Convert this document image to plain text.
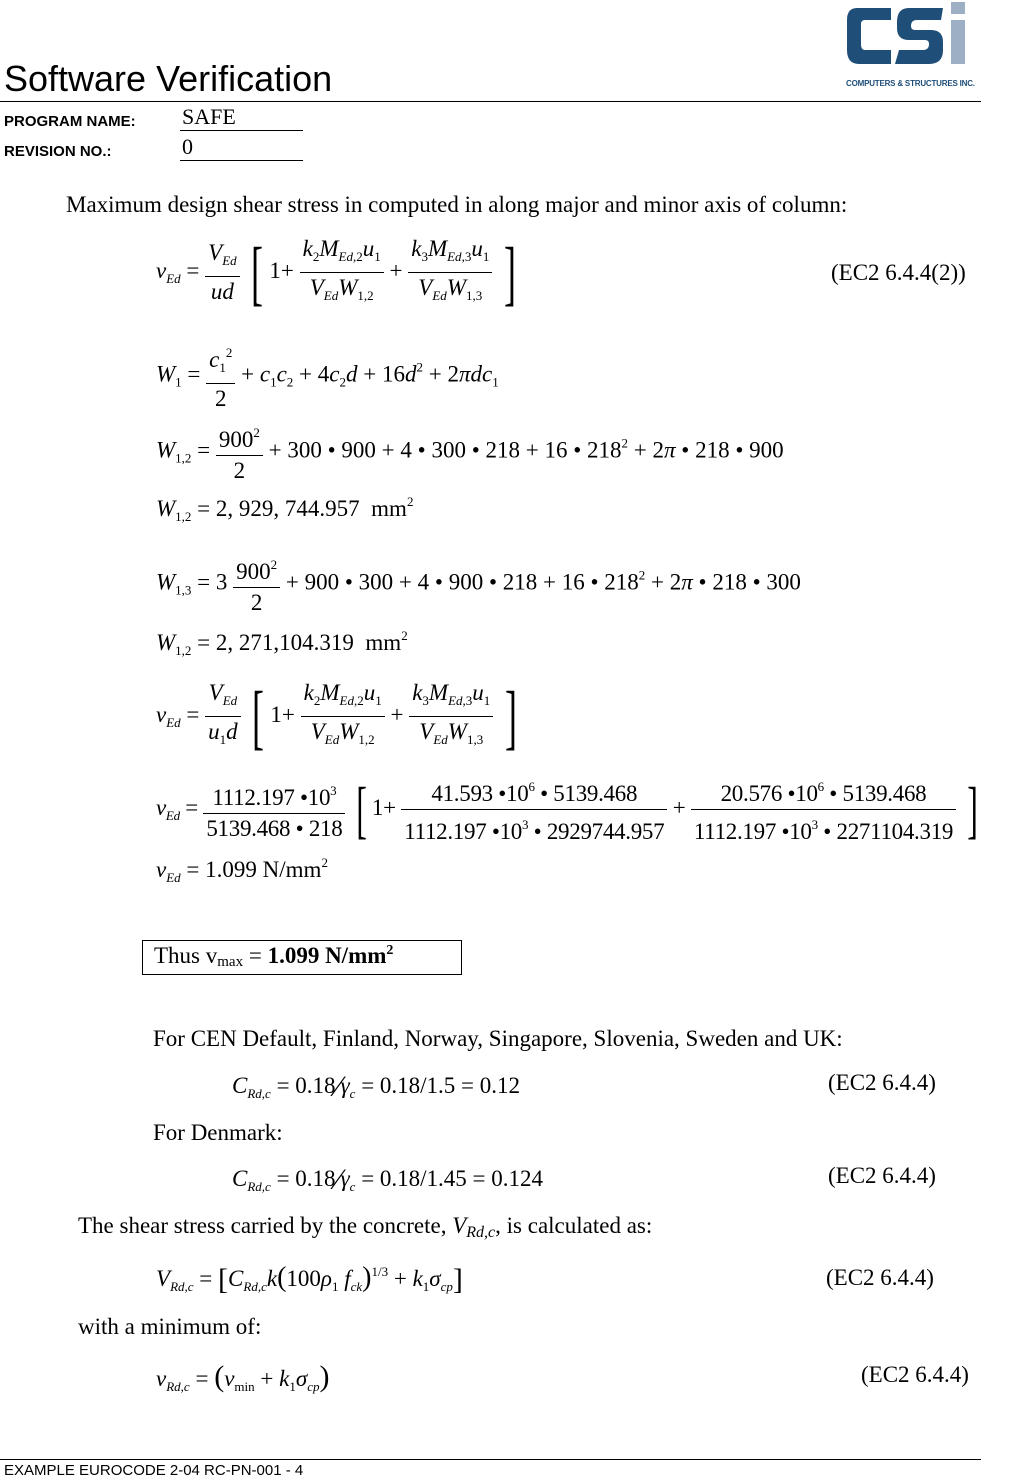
Software Verification	COMPUTERS & STRUCTURES INC.
PROGRAM NAME: SAFE
REVISION NO.:	0
Maximum design shear stress in computed in along major and minor axis of column:
$v_{Ed} = \frac{V_{Ed}}{ud}$ [ $1+ \frac{k_2M_{Ed,2}u_1}{V_{Ed}W_{1,2}} + \frac{k_3M_{Ed,3}u_1}{V_{Ed}W_{1,3}}$ ]	(EC2 6.4.4(2))
$W_1 = \frac{c_1^2}{2} + c_1c_2 + 4c_2d + 16d^2 + 2\pi dc_1$
$W_{1,2} = \frac{900^2}{2} + 300$ • 900 + 4 • 300 • 218 + 16 • $218^2 + 2\pi$ • 218 • 900
$W_{1,2} = 2$, 929, 744.957  $mm^2$
$W_{1,3} = 3 \frac{900^2}{2} + 900$ • 300 + 4 • 900 • 218 + 16 • $218^2 + 2\pi$ • 218 • 300
$W_{1,2} = 2$, 271,104.319  $mm^2$
$v_{Ed} = \frac{V_{Ed}}{u_1d}$ [ $1+ \frac{k_2M_{Ed,2}u_1}{V_{Ed}W_{1,2}} + \frac{k_3M_{Ed,3}u_1}{V_{Ed}W_{1,3}}$ ]
$v_{Ed} = \frac{1112.197 •10^3}{5139.468 • 218}$ [ $1+ \frac{41.593 •10^6 • 5139.468}{1112.197 •10^3 • 2929744.957} + \frac{20.576 •10^6 • 5139.468}{1112.197 •10^3 • 2271104.319}$ ]
$v_{Ed} = 1.099$ $N/mm^2$
Thus vmax = 1.099 $N/mm^2$
For CEN Default, Finland, Norway, Singapore, Slovenia, Sweden and UK:
$C_{Rd,c}$ = $0.18⁄\gamma_c = 0.18/1.5 = 0.12$	(EC2 6.4.4)
For Denmark:
$C_{Rd,c}$ = $0.18⁄\gamma_c = 0.18/1.45 = 0.124$	(EC2 6.4.4)
The shear stress carried by the concrete, VRd,c, is calculated as:
$V_{Rd,c} = [C_{Rd,c}k(100\rho_1$ $f_{ck})^{1/3} + k_1\sigma_{cp}$]	(EC2 6.4.4)
with a minimum of:
$v_{Rd,c} = (v_{min} + k_1\sigma_{cp})$	(EC2 6.4.4)
EXAMPLE EUROCODE 2-04 RC-PN-001 - 4
